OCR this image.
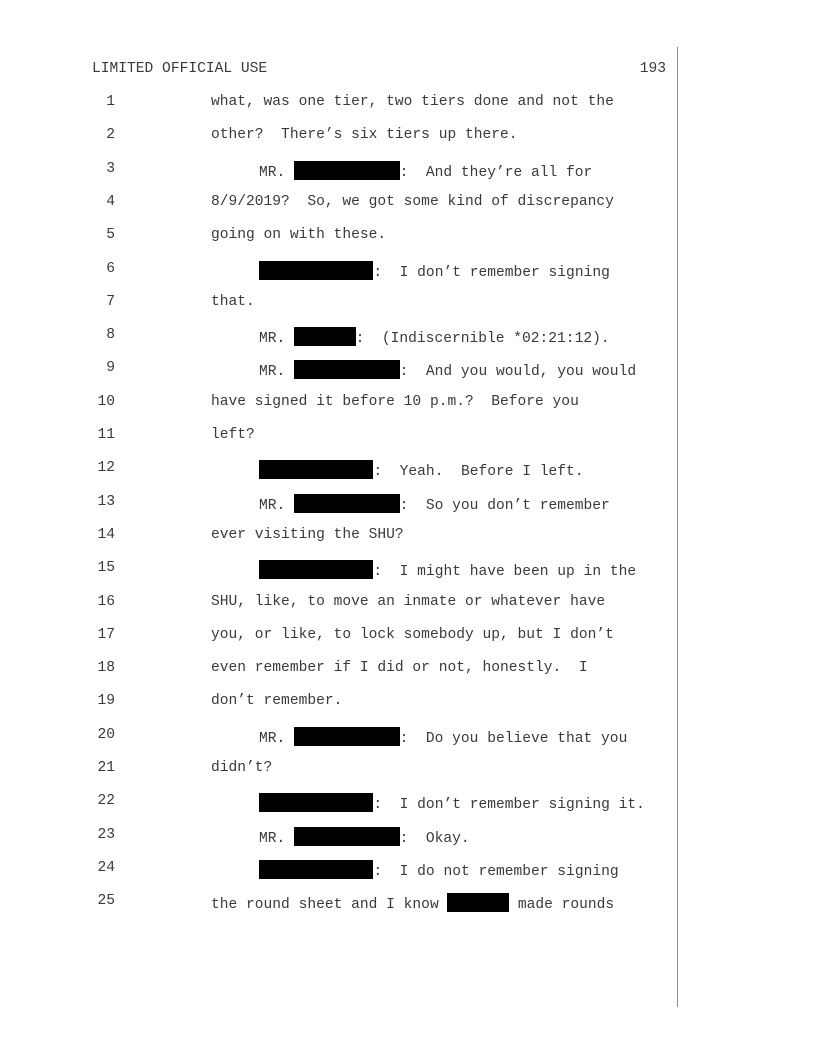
LIMITED OFFICIAL USE	193
1	what, was one tier, two tiers done and not the
2	other?  There’s six tiers up there.
3	MR.	:  And they’re all for
4	8/9/2019?  So, we got some kind of discrepancy
5	going on with these.
6	:  I don’t remember signing
7	that.
8	MR.	:  (Indiscernible *02:21:12).
9	MR.	:  And you would, you would
10	have signed it before 10 p.m.?  Before you
11	left?
12	:  Yeah.  Before I left.
13	MR.	:  So you don’t remember
14	ever visiting the SHU?
15	:  I might have been up in the
16	SHU, like, to move an inmate or whatever have
17	you, or like, to lock somebody up, but I don’t
18	even remember if I did or not, honestly.  I
19	don’t remember.
20	MR.	:  Do you believe that you
21	didn’t?
22	:  I don’t remember signing it.
23	MR.	:  Okay.
24	:  I do not remember signing
25	the round sheet and I know	made rounds
